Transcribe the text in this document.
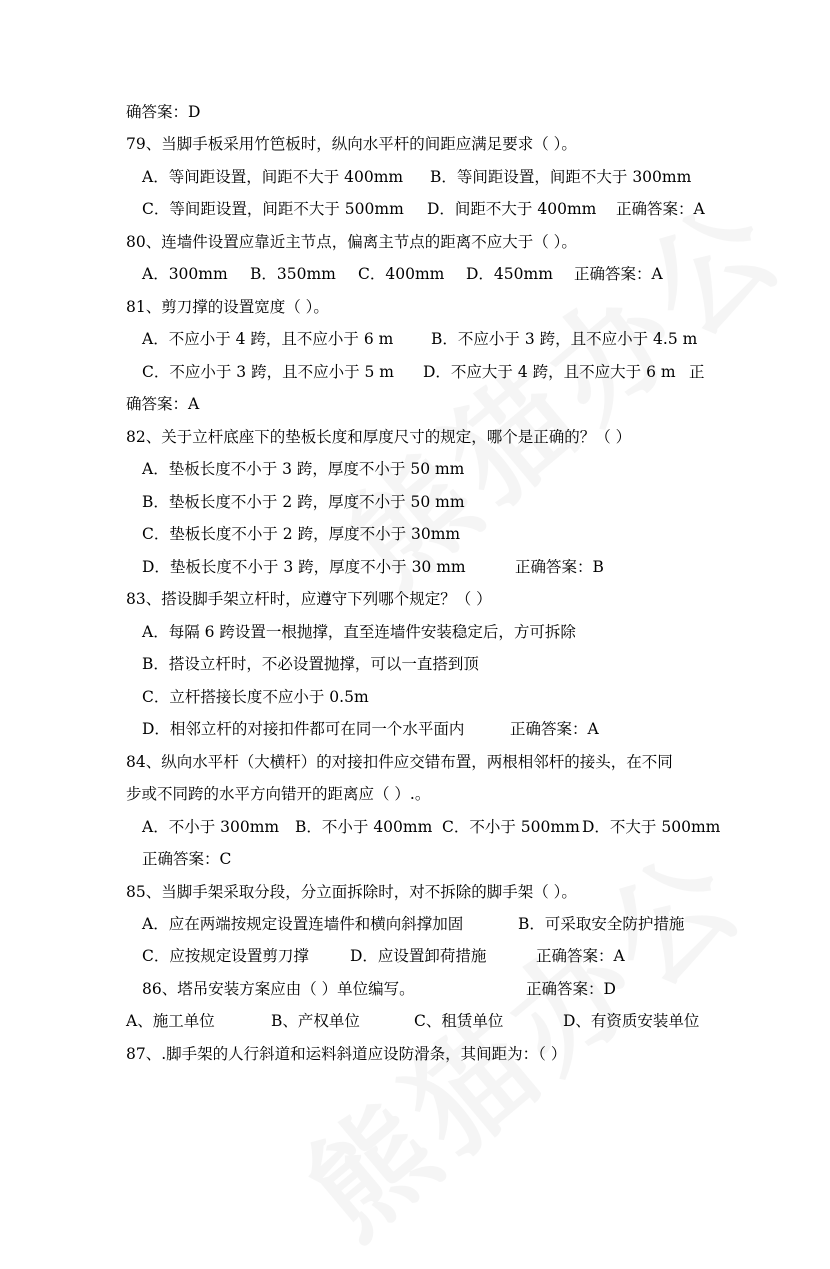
确答案：D
79、当脚手板采用竹笆板时，纵向水平杆的间距应满足要求（ ）。
A．等间距设置，间距不大于 400mm B．等间距设置，间距不大于 300mm
C．等间距设置，间距不大于 500mm D．间距不大于 400mm 正确答案：A
80、连墙件设置应靠近主节点，偏离主节点的距离不应大于（ ）。
A．300mm B．350mm C．400mm D．450mm 正确答案：A
81、剪刀撑的设置宽度（ ）。
A．不应小于 4 跨，且不应小于 6 m B．不应小于 3 跨，且不应小于 4.5 m
C．不应小于 3 跨，且不应小于 5 m D．不应大于 4 跨，且不应大于 6 m 正
确答案：A
82、关于立杆底座下的垫板长度和厚度尺寸的规定，哪个是正确的？（ ）
A．垫板长度不小于 3 跨，厚度不小于 50 mm
B．垫板长度不小于 2 跨，厚度不小于 50 mm
C．垫板长度不小于 2 跨，厚度不小于 30mm
D．垫板长度不小于 3 跨，厚度不小于 30 mm	正确答案：B
83、搭设脚手架立杆时，应遵守下列哪个规定？（ ）
A．每隔 6 跨设置一根抛撑，直至连墙件安装稳定后，方可拆除
B．搭设立杆时，不必设置抛撑，可以一直搭到顶
C．立杆搭接长度不应小于 0.5m
D．相邻立杆的对接扣件都可在同一个水平面内	正确答案：A
84、纵向水平杆（大横杆）的对接扣件应交错布置，两根相邻杆的接头，在不同
步或不同跨的水平方向错开的距离应（ ）.。
A．不小于 300mm B．不小于 400mm C．不小于 500mm D．不大于 500mm
正确答案：C
85、当脚手架采取分段，分立面拆除时，对不拆除的脚手架（ ）。
A．应在两端按规定设置连墙件和横向斜撑加固	B．可采取安全防护措施
C．应按规定设置剪刀撑	D．应设置卸荷措施	正确答案：A
86、塔吊安装方案应由（ ）单位编写。	正确答案：D
A、施工单位	B、产权单位	C、租赁单位	D、有资质安装单位
87、.脚手架的人行斜道和运料斜道应设防滑条，其间距为：（ ）
